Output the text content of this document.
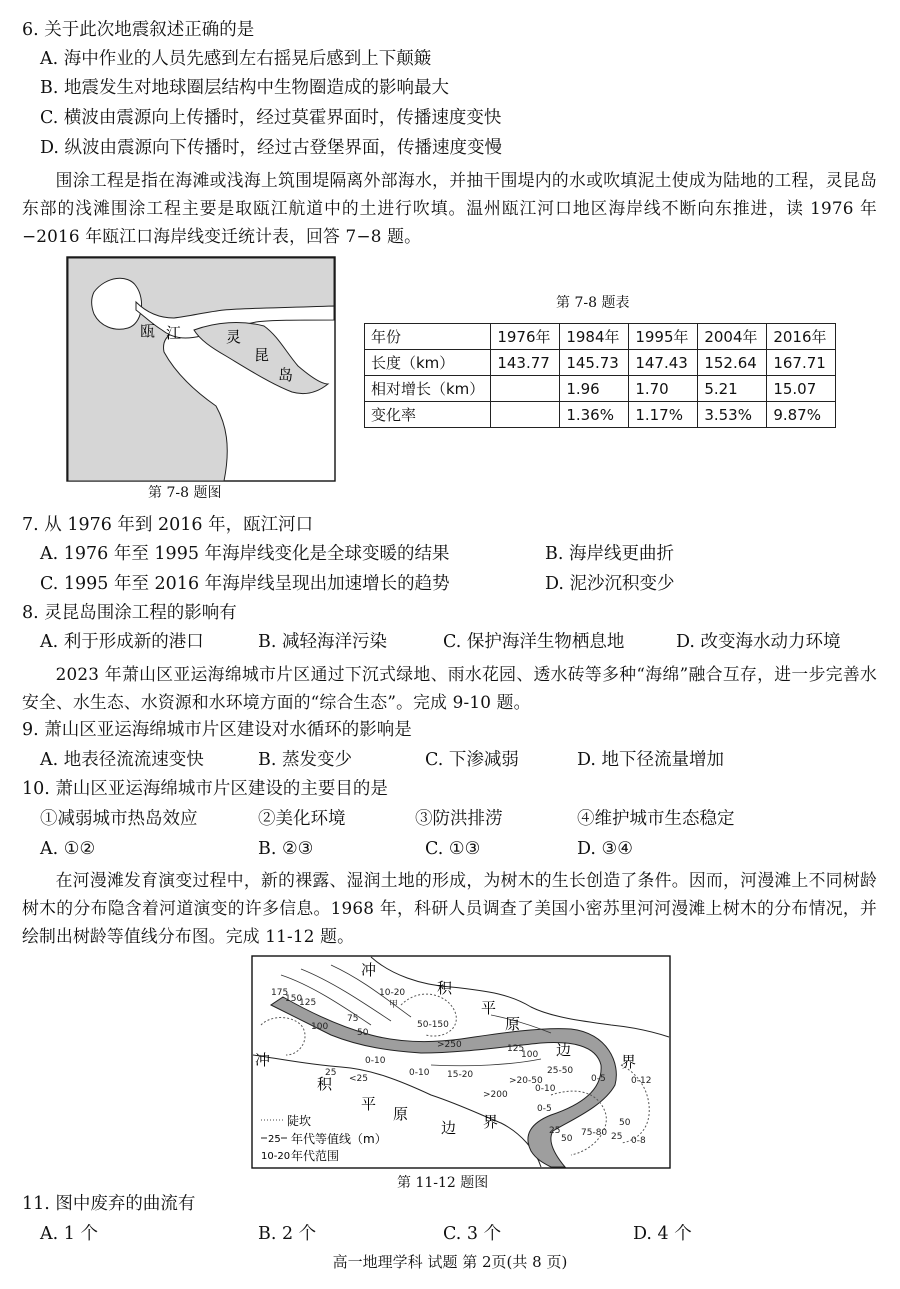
6. 关于此次地震叙述正确的是
A. 海中作业的人员先感到左右摇晃后感到上下颠簸
B. 地震发生对地球圈层结构中生物圈造成的影响最大
C. 横波由震源向上传播时，经过莫霍界面时，传播速度变快
D. 纵波由震源向下传播时，经过古登堡界面，传播速度变慢
围涂工程是指在海滩或浅海上筑围堤隔离外部海水，并抽干围堤内的水或吹填泥土使成为陆地的工程，灵昆岛东部的浅滩围涂工程主要是取瓯江航道中的土进行吹填。温州瓯江河口地区海岸线不断向东推进，读 1976 年−2016 年瓯江口海岸线变迁统计表，回答 7−8 题。
瓯 江	灵
昆
岛
第 7-8 题图
第 7-8 题表
年份	1976年	1984年	1995年	2004年	2016年
长度（km）	143.77	145.73	147.43	152.64	167.71
相对增长（km）		1.96	1.70	5.21	15.07
变化率		1.36%	1.17%	3.53%	9.87%
7. 从 1976 年到 2016 年，瓯江河口
A. 1976 年至 1995 年海岸线变化是全球变暖的结果	B. 海岸线更曲折
C. 1995 年至 2016 年海岸线呈现出加速增长的趋势	D. 泥沙沉积变少
8. 灵昆岛围涂工程的影响有
A. 利于形成新的港口	B. 减轻海洋污染	C. 保护海洋生物栖息地	D. 改变海水动力环境
2023 年萧山区亚运海绵城市片区通过下沉式绿地、雨水花园、透水砖等多种“海绵”融合互存，进一步完善水安全、水生态、水资源和水环境方面的“综合生态”。完成 9-10 题。
9. 萧山区亚运海绵城市片区建设对水循环的影响是
A. 地表径流流速变快	B. 蒸发变少	C. 下渗减弱	D. 地下径流量增加
10. 萧山区亚运海绵城市片区建设的主要目的是
①减弱城市热岛效应	②美化环境	③防洪排涝	④维护城市生态稳定
A. ①②	B. ②③	C. ①③	D. ③④
在河漫滩发育演变过程中，新的裸露、湿润土地的形成，为树木的生长创造了条件。因而，河漫滩上不同树龄树木的分布隐含着河道演变的许多信息。1968 年，科研人员调查了美国小密苏里河河漫滩上树木的分布情况，并绘制出树龄等值线分布图。完成 11-12 题。
冲
积
平
原
边
界
冲
积
平
原
边 界
175
150
125
100
75
50
25
<25
10-20
甲
50-150
>250
0-10
15-20
0-10
125
100
25-50
>20-50
0-10
0-5	0-12
>200
0-5
25
50
75-80
50
25 0-8
陡坎
25 年代等值线（m）
10-20 年代范围
第 11-12 题图
11. 图中废弃的曲流有
A. 1 个	B. 2 个	C. 3 个	D. 4 个
高一地理学科 试题 第 2页(共 8 页)
